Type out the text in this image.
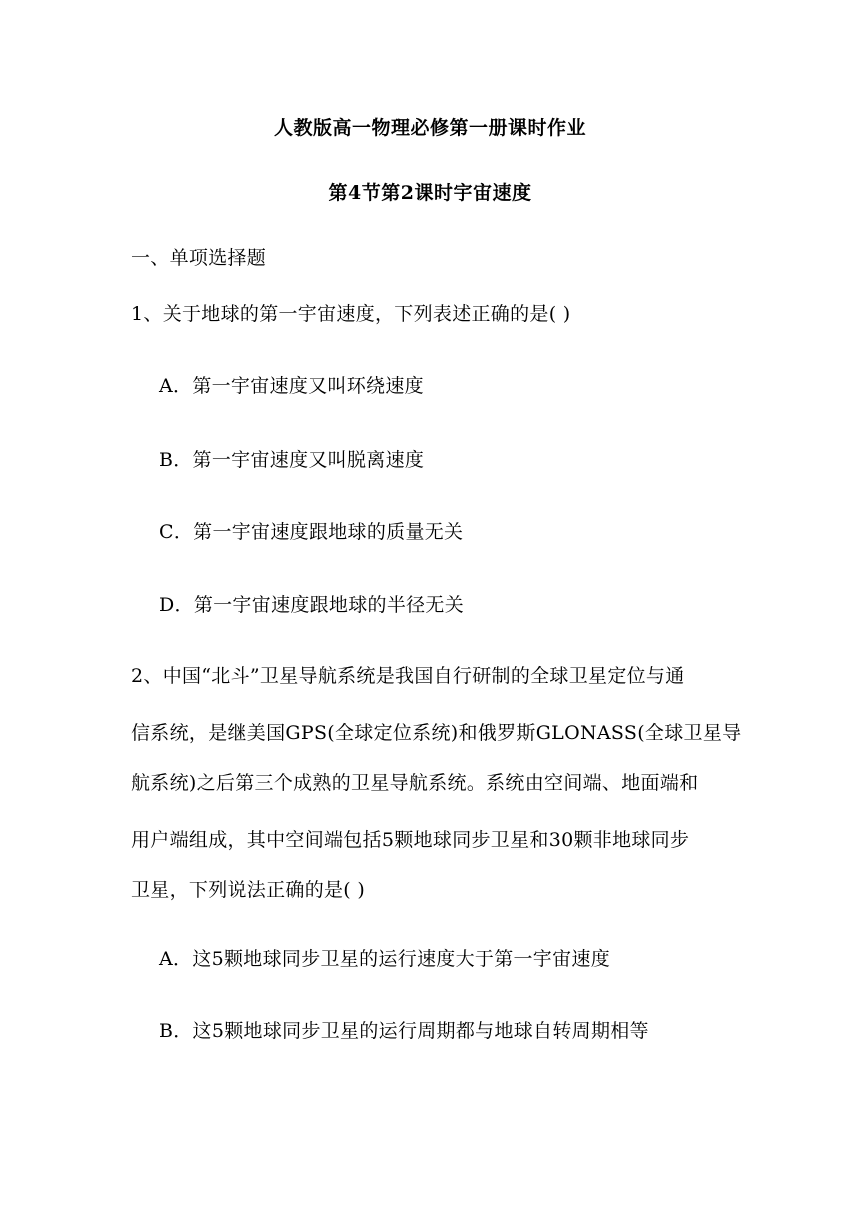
人教版高一物理必修第一册课时作业
第4节第2课时宇宙速度
一、单项选择题
1、关于地球的第一宇宙速度，下列表述正确的是( )
A．第一宇宙速度又叫环绕速度
B．第一宇宙速度又叫脱离速度
C．第一宇宙速度跟地球的质量无关
D．第一宇宙速度跟地球的半径无关
2、中国“北斗”卫星导航系统是我国自行研制的全球卫星定位与通
信系统，是继美国GPS(全球定位系统)和俄罗斯GLONASS(全球卫星导
航系统)之后第三个成熟的卫星导航系统。系统由空间端、地面端和
用户端组成，其中空间端包括5颗地球同步卫星和30颗非地球同步
卫星，下列说法正确的是( )
A．这5颗地球同步卫星的运行速度大于第一宇宙速度
B．这5颗地球同步卫星的运行周期都与地球自转周期相等
